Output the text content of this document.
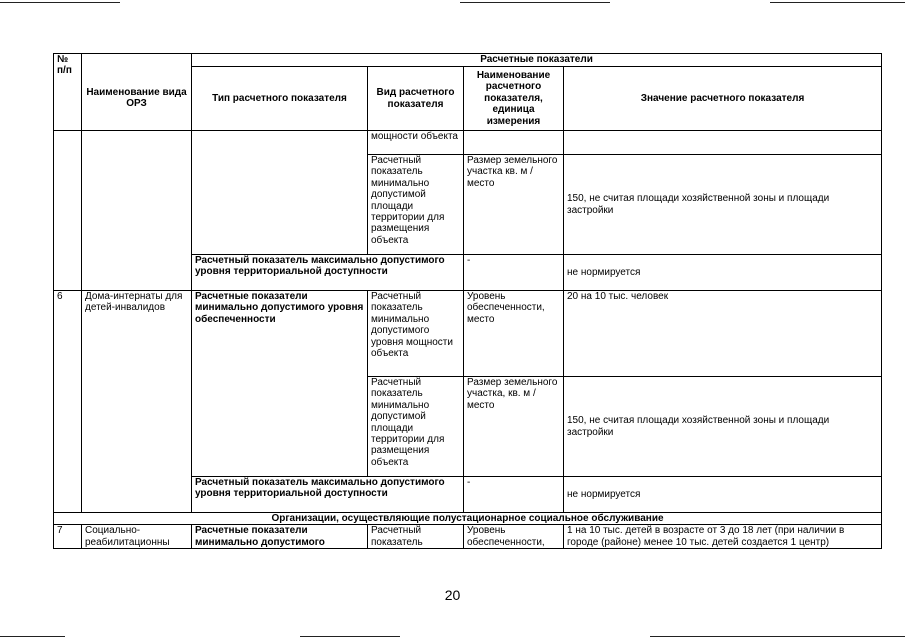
№ п/п		Расчетные показатели			
	Наименование вида ОРЗ	Тип расчетного показателя	Вид расчетного показателя	Наименование расчетного показателя, единица измерения	Значение расчетного показателя
			мощности объекта		
			Расчетный показатель минимально допустимой площади территории для размещения объекта	Размер земельного участка кв. м /место	150, не считая площади хозяйственной зоны и площади застройки
		Расчетный показатель максимально допустимого уровня территориальной доступности		-	не нормируется
6	Дома-интернаты для детей-инвалидов	Расчетные показатели минимально допустимого уровня обеспеченности	Расчетный показатель минимально допустимого уровня мощности объекта	Уровень обеспеченности, место	20 на 10 тыс. человек
			Расчетный показатель минимально допустимой площади территории для размещения объекта	Размер земельного участка, кв. м /место	150, не считая площади хозяйственной зоны и площади застройки
		Расчетный показатель максимально допустимого уровня территориальной доступности		-	не нормируется
Организации, осуществляющие полустационарное социальное обслуживание					
7	Социально-реабилитационны	Расчетные показатели минимально допустимого	Расчетный показатель	Уровень обеспеченности,	1 на 10 тыс. детей в возрасте от 3 до 18 лет (при наличии в городе (районе) менее 10 тыс. детей создается 1 центр)
20
